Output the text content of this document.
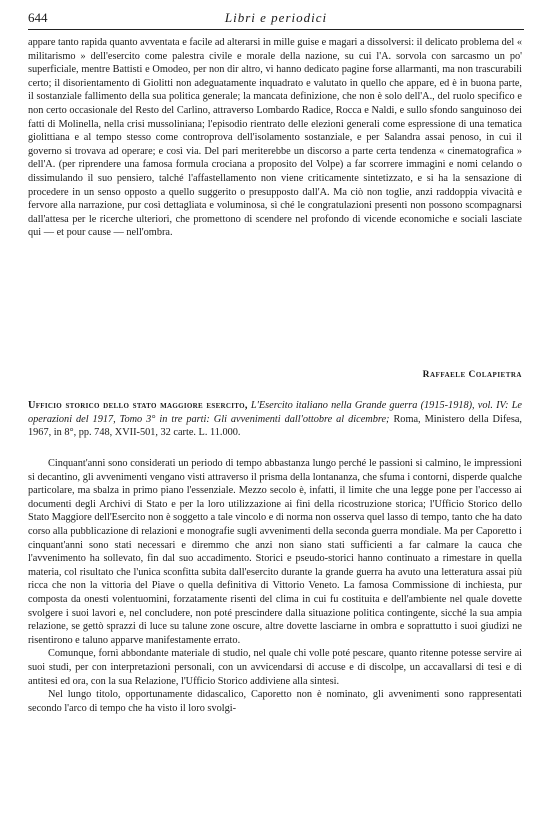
644	Libri e periodici

appare tanto rapida quanto avventata e facile ad alterarsi in mille guise e magari a dissolversi: il delicato problema del « militarismo » dell'esercito come palestra civile e morale della nazione, su cui l'A. sorvola con sarcasmo un po' superficiale, mentre Battisti e Omodeo, per non dir altro, vi hanno dedicato pagine forse allarmanti, ma non trascurabili certo; il disorientamento di Giolitti non adeguatamente inquadrato e valutato in quello che appare, ed è in buona parte, il sostanziale fallimento della sua politica generale; la mancata definizione, che non è solo dell'A., del ruolo specifico e non certo occasionale del Resto del Carlino, attraverso Lombardo Radice, Rocca e Naldi, e sullo sfondo sanguinoso dei fatti di Molinella, nella crisi mussoliniana; l'episodio rientrato delle elezioni generali come espressione di una tematica giolittiana e al tempo stesso come controprova dell'isolamento sostanziale, e per Salandra assai penoso, in cui il governo si trovava ad operare; e così via. Del pari meriterebbe un discorso a parte certa tendenza « cinematografica » dell'A. (per riprendere una famosa formula crociana a proposito del Volpe) a far scorrere immagini e nomi celando o dissimulando il suo pensiero, talché l'affastellamento non viene criticamente sintetizzato, e si ha la sensazione di procedere in un senso opposto a quello suggerito o presupposto dall'A. Ma ciò non toglie, anzi raddoppia vivacità e fervore alla narrazione, pur così dettagliata e voluminosa, sì ché le congratulazioni presenti non possono scompagnarsi dall'attesa per le ricerche ulteriori, che promettono di scendere nel profondo di vicende economiche e sociali lasciate qui — et pour cause — nell'ombra.

Raffaele Colapietra
Ufficio storico dello stato maggiore esercito, L'Esercito italiano nella Grande guerra (1915-1918), vol. IV: Le operazioni del 1917, Tomo 3° in tre parti: Gli avvenimenti dall'ottobre al dicembre; Roma, Ministero della Difesa, 1967, in 8°, pp. 748, XVII-501, 32 carte. L. 11.000.

Cinquant'anni sono considerati un periodo di tempo abbastanza lungo perché le passioni si calmino, le impressioni si decantino, gli avvenimenti vengano visti attraverso il prisma della lontananza, che sfuma i contorni, disperde qualche particolare, ma sbalza in primo piano l'essenziale. Mezzo secolo è, infatti, il limite che una legge pone per l'accesso ai documenti degli Archivi di Stato e per la loro utilizzazione ai fini della ricostruzione storica; l'Ufficio Storico dello Stato Maggiore dell'Esercito non è soggetto a tale vincolo e di norma non osserva quel lasso di tempo, tanto che ha dato corso alla pubblicazione di relazioni e monografie sugli avvenimenti della seconda guerra mondiale. Ma per Caporetto i cinquant'anni sono stati necessari e diremmo che anzi non siano stati sufficienti a far calmare la cauca che l'avvenimento ha sollevato, fin dal suo accadimento. Storici e pseudo-storici hanno continuato a rimestare in quella materia, col risultato che l'unica sconfitta subita dall'esercito durante la grande guerra ha avuto una letteratura assai più ricca che non la vittoria del Piave o quella definitiva di Vittorio Veneto. La famosa Commissione di inchiesta, pur composta da onesti volentuomini, forzatamente risentì del clima in cui fu costituita e dell'ambiente nel quale dovette svolgere i suoi lavori e, nel concludere, non poté prescindere dalla situazione politica contingente, sicché la sua ampia relazione, se gettò sprazzi di luce su talune zone oscure, altre dovette lasciarne in ombra e soprattutto i suoi giudizi ne risentirono e taluno apparve manifestamente errato.

Comunque, fornì abbondante materiale di studio, nel quale chi volle poté pescare, quanto ritenne potesse servire ai suoi studi, per con interpretazioni personali, con un avvicendarsi di accuse e di discolpe, un accavallarsi di tesi e di antitesi ed ora, con la sua Relazione, l'Ufficio Storico addiviene alla sintesi.

Nel lungo titolo, opportunamente didascalico, Caporetto non è nominato, gli avvenimenti sono rappresentati secondo l'arco di tempo che ha visto il loro svolgi-
